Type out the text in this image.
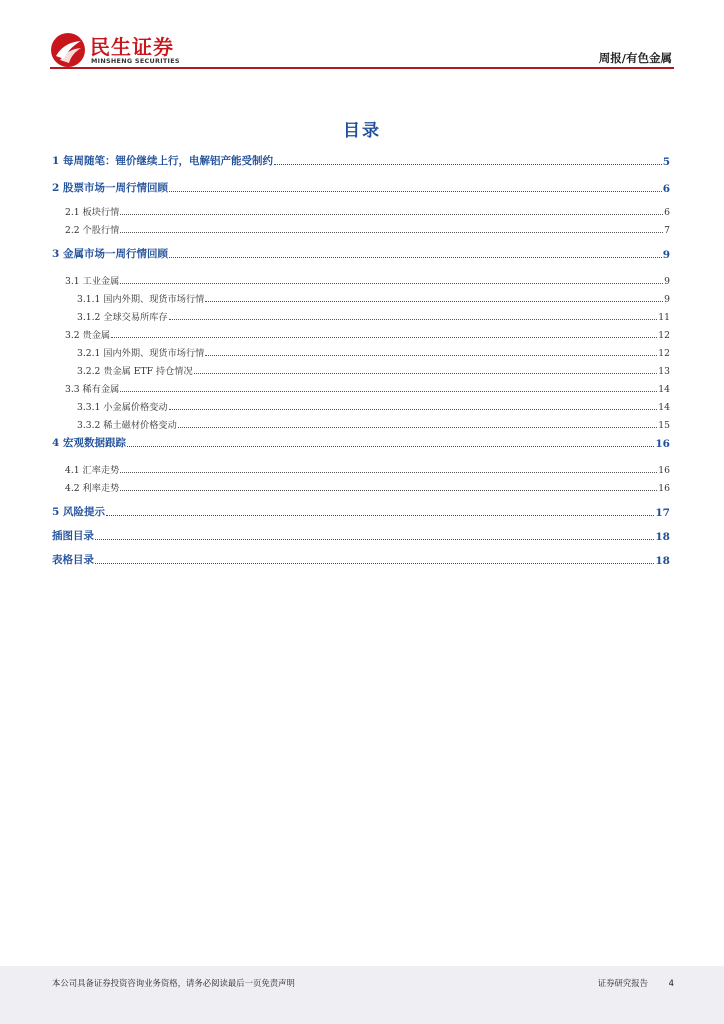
民生证券
MINSHENG SECURITIES	周报/有色金属
目录
1 每周随笔：锂价继续上行，电解铝产能受制约	5
2 股票市场一周行情回顾	6
2.1 板块行情	6
2.2 个股行情	7
3 金属市场一周行情回顾	9
3.1 工业金属	9
3.1.1 国内外期、现货市场行情	9
3.1.2 全球交易所库存	11
3.2 贵金属	12
3.2.1 国内外期、现货市场行情	12
3.2.2 贵金属 ETF 持仓情况	13
3.3 稀有金属	14
3.3.1 小金属价格变动	14
3.3.2 稀土磁材价格变动	15
4 宏观数据跟踪	16
4.1 汇率走势	16
4.2 利率走势	16
5 风险提示	17
插图目录	18
表格目录	18
本公司具备证券投资咨询业务资格，请务必阅读最后一页免责声明	证券研究报告 4
